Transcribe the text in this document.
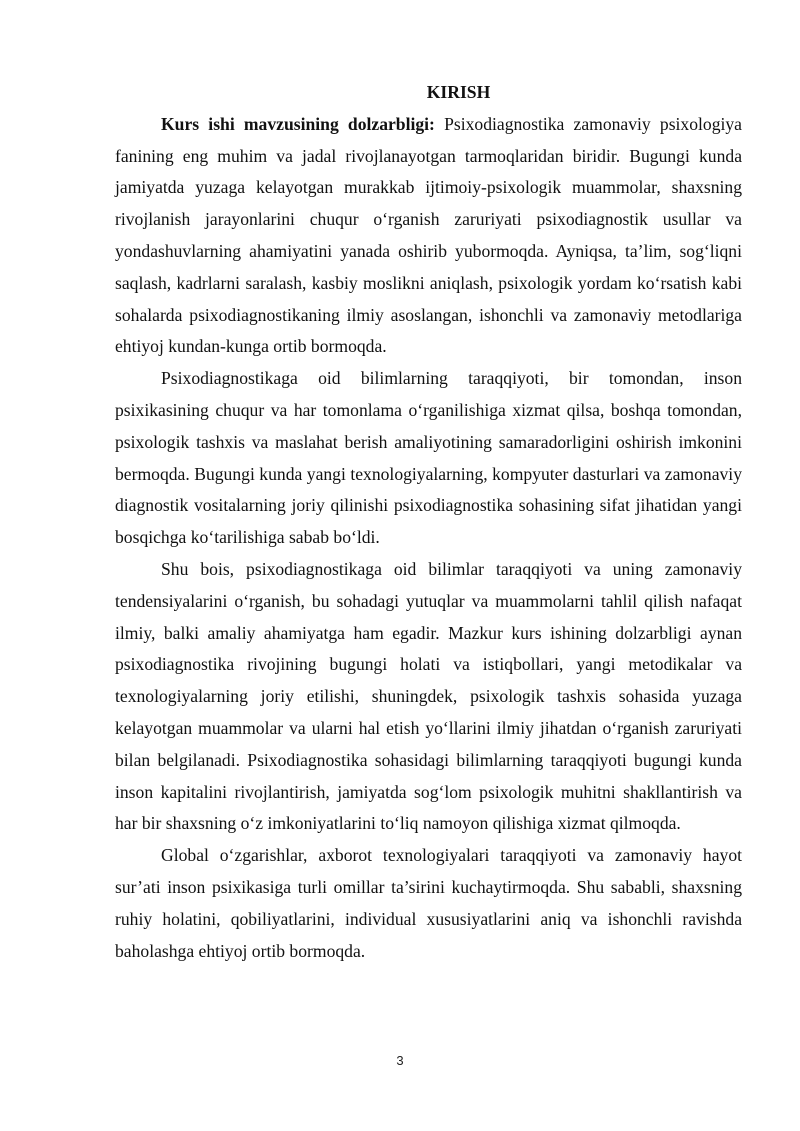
KIRISH

Kurs ishi mavzusining dolzarbligi: Psixodiagnostika zamonaviy psixologiya fanining eng muhim va jadal rivojlanayotgan tarmoqlaridan biridir. Bugungi kunda jamiyatda yuzaga kelayotgan murakkab ijtimoiy-psixologik muammolar, shaxsning rivojlanish jarayonlarini chuqur o‘rganish zaruriyati psixodiagnostik usullar va yondashuvlarning ahamiyatini yanada oshirib yubormoqda. Ayniqsa, ta’lim, sog‘liqni saqlash, kadrlarni saralash, kasbiy moslikni aniqlash, psixologik yordam ko‘rsatish kabi sohalarda psixodiagnostikaning ilmiy asoslangan, ishonchli va zamonaviy metodlariga ehtiyoj kundan-kunga ortib bormoqda.

Psixodiagnostikaga oid bilimlarning taraqqiyoti, bir tomondan, inson psixikasining chuqur va har tomonlama o‘rganilishiga xizmat qilsa, boshqa tomondan, psixologik tashxis va maslahat berish amaliyotining samaradorligini oshirish imkonini bermoqda. Bugungi kunda yangi texnologiyalarning, kompyuter dasturlari va zamonaviy diagnostik vositalarning joriy qilinishi psixodiagnostika sohasining sifat jihatidan yangi bosqichga ko‘tarilishiga sabab bo‘ldi.

Shu bois, psixodiagnostikaga oid bilimlar taraqqiyoti va uning zamonaviy tendensiyalarini o‘rganish, bu sohadagi yutuqlar va muammolarni tahlil qilish nafaqat ilmiy, balki amaliy ahamiyatga ham egadir. Mazkur kurs ishining dolzarbligi aynan psixodiagnostika rivojining bugungi holati va istiqbollari, yangi metodikalar va texnologiyalarning joriy etilishi, shuningdek, psixologik tashxis sohasida yuzaga kelayotgan muammolar va ularni hal etish yo‘llarini ilmiy jihatdan o‘rganish zaruriyati bilan belgilanadi. Psixodiagnostika sohasidagi bilimlarning taraqqiyoti bugungi kunda inson kapitalini rivojlantirish, jamiyatda sog‘lom psixologik muhitni shakllantirish va har bir shaxsning o‘z imkoniyatlarini to‘liq namoyon qilishiga xizmat qilmoqda.

Global o‘zgarishlar, axborot texnologiyalari taraqqiyoti va zamonaviy hayot sur’ati inson psixikasiga turli omillar ta’sirini kuchaytirmoqda. Shu sababli, shaxsning ruhiy holatini, qobiliyatlarini, individual xususiyatlarini aniq va ishonchli ravishda baholashga ehtiyoj ortib bormoqda.

3
